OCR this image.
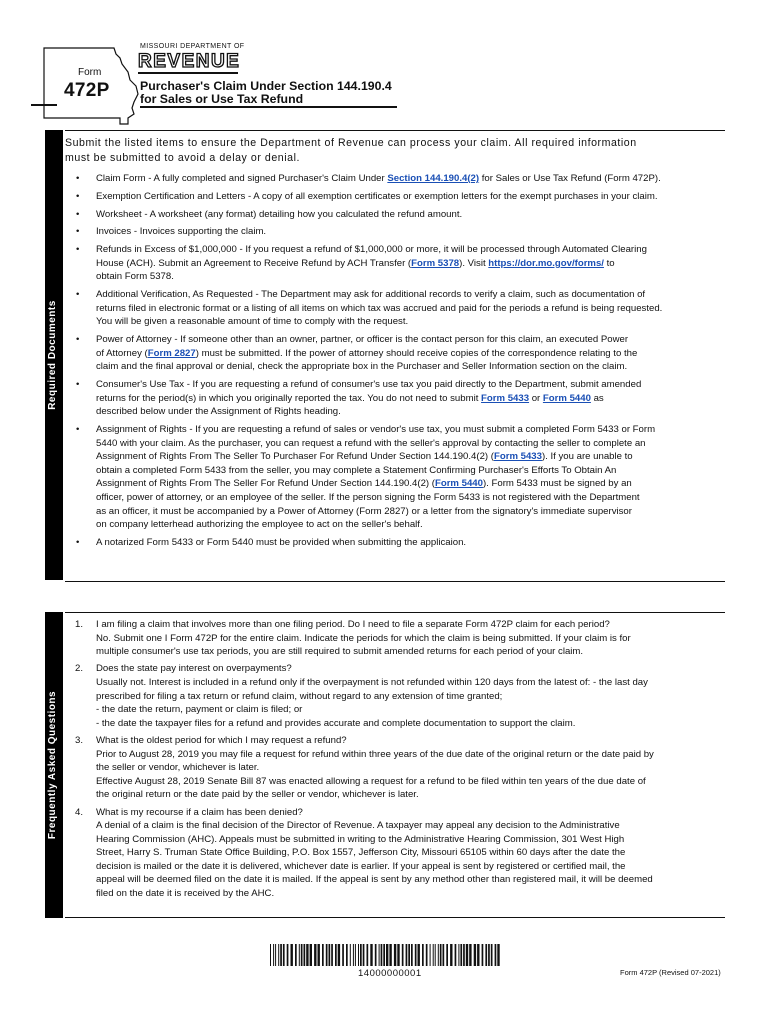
Form
472P
MISSOURI DEPARTMENT OF
REVENUE
Purchaser's Claim Under Section 144.190.4
for Sales or Use Tax Refund
Required Documents
Frequently Asked Questions
Submit the listed items to ensure the Department of Revenue can process your claim. All required information
must be submitted to avoid a delay or denial.
• Claim Form - A fully completed and signed Purchaser's Claim Under Section 144.190.4(2) for Sales or Use Tax Refund (Form 472P).
• Exemption Certification and Letters - A copy of all exemption certificates or exemption letters for the exempt purchases in your claim.
• Worksheet - A worksheet (any format) detailing how you calculated the refund amount.
• Invoices - Invoices supporting the claim.
• Refunds in Excess of $1,000,000 - If you request a refund of $1,000,000 or more, it will be processed through Automated Clearing
House (ACH). Submit an Agreement to Receive Refund by ACH Transfer (Form 5378). Visit https://dor.mo.gov/forms/ to
obtain Form 5378.
• Additional Verification, As Requested - The Department may ask for additional records to verify a claim, such as documentation of
returns filed in electronic format or a listing of all items on which tax was accrued and paid for the periods a refund is being requested.
You will be given a reasonable amount of time to comply with the request.
• Power of Attorney - If someone other than an owner, partner, or officer is the contact person for this claim, an executed Power
of Attorney (Form 2827) must be submitted. If the power of attorney should receive copies of the correspondence relating to the
claim and the final approval or denial, check the appropriate box in the Purchaser and Seller Information section on the claim.
• Consumer's Use Tax - If you are requesting a refund of consumer's use tax you paid directly to the Department, submit amended
returns for the period(s) in which you originally reported the tax. You do not need to submit Form 5433 or Form 5440 as
described below under the Assignment of Rights heading.
• Assignment of Rights - If you are requesting a refund of sales or vendor's use tax, you must submit a completed Form 5433 or Form
5440 with your claim. As the purchaser, you can request a refund with the seller's approval by contacting the seller to complete an
Assignment of Rights From The Seller To Purchaser For Refund Under Section 144.190.4(2) (Form 5433). If you are unable to
obtain a completed Form 5433 from the seller, you may complete a Statement Confirming Purchaser's Efforts To Obtain An
Assignment of Rights From The Seller For Refund Under Section 144.190.4(2) (Form 5440). Form 5433 must be signed by an
officer, power of attorney, or an employee of the seller. If the person signing the Form 5433 is not registered with the Department
as an officer, it must be accompanied by a Power of Attorney (Form 2827) or a letter from the signatory's immediate supervisor
on company letterhead authorizing the employee to act on the seller's behalf.
• A notarized Form 5433 or Form 5440 must be provided when submitting the applicaion.
1. I am filing a claim that involves more than one filing period. Do I need to file a separate Form 472P claim for each period?
No. Submit one I Form 472P for the entire claim. Indicate the periods for which the claim is being submitted. If your claim is for
multiple consumer's use tax periods, you are still required to submit amended returns for each period of your claim.
2. Does the state pay interest on overpayments?
Usually not. Interest is included in a refund only if the overpayment is not refunded within 120 days from the latest of: - the last day
prescribed for filing a tax return or refund claim, without regard to any extension of time granted;
- the date the return, payment or claim is filed; or
- the date the taxpayer files for a refund and provides accurate and complete documentation to support the claim.
3. What is the oldest period for which I may request a refund?
Prior to August 28, 2019 you may file a request for refund within three years of the due date of the original return or the date paid by
the seller or vendor, whichever is later.
Effective August 28, 2019 Senate Bill 87 was enacted allowing a request for a refund to be filed within ten years of the due date of
the original return or the date paid by the seller or vendor, whichever is later.
4. What is my recourse if a claim has been denied?
A denial of a claim is the final decision of the Director of Revenue. A taxpayer may appeal any decision to the Administrative
Hearing Commission (AHC). Appeals must be submitted in writing to the Administrative Hearing Commission, 301 West High
Street, Harry S. Truman State Office Building, P.O. Box 1557, Jefferson City, Missouri 65105 within 60 days after the date the
decision is mailed or the date it is delivered, whichever date is earlier. If your appeal is sent by registered or certified mail, the
appeal will be deemed filed on the date it is mailed. If the appeal is sent by any method other than registered mail, it will be deemed
filed on the date it is received by the AHC.
14000000001	Form 472P (Revised 07-2021)
